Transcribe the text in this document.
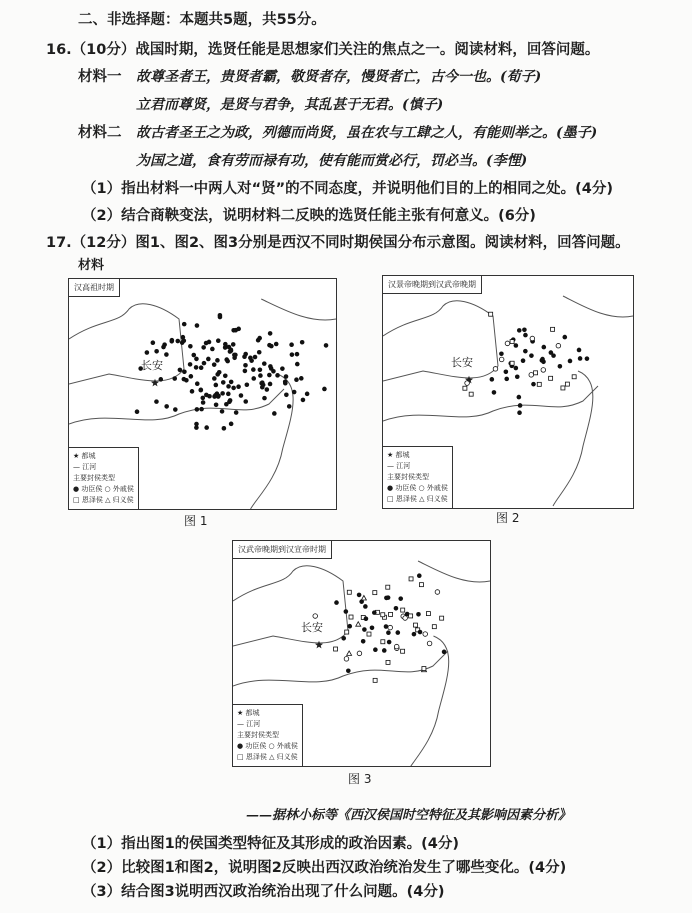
二、非选择题：本题共5题，共55分。
16.（10分）战国时期，选贤任能是思想家们关注的焦点之一。阅读材料，回答问题。
材料一 故尊圣者王，贵贤者霸，敬贤者存，慢贤者亡，古今一也。(荀子)
立君而尊贤，是贤与君争，其乱甚于无君。(慎子)
材料二 故古者圣王之为政，列德而尚贤，虽在农与工肆之人，有能则举之。(墨子)
为国之道，食有劳而禄有功，使有能而赏必行，罚必当。(李悝)
（1）指出材料一中两人对“贤”的不同态度，并说明他们目的上的相同之处。(4分)
（2）结合商鞅变法，说明材料二反映的选贤任能主张有何意义。(6分)
17.（12分）图1、图2、图3分别是西汉不同时期侯国分布示意图。阅读材料，回答问题。
材料
汉高祖时期
长安
★ 都城
— 江河
主要封侯类型
● 功臣侯 ○ 外戚侯
□ 恩泽侯 △ 归义侯
图 1
汉景帝晚期到汉武帝晚期
长安
★ 都城
— 江河
主要封侯类型
● 功臣侯 ○ 外戚侯
□ 恩泽侯 △ 归义侯
图 2
汉武帝晚期到汉宣帝时期
长安
★ 都城
— 江河
主要封侯类型
● 功臣侯 ○ 外戚侯
□ 恩泽侯 △ 归义侯
图 3
——据林小标等《西汉侯国时空特征及其影响因素分析》
（1）指出图1的侯国类型特征及其形成的政治因素。(4分)
（2）比较图1和图2，说明图2反映出西汉政治统治发生了哪些变化。(4分)
（3）结合图3说明西汉政治统治出现了什么问题。(4分)
